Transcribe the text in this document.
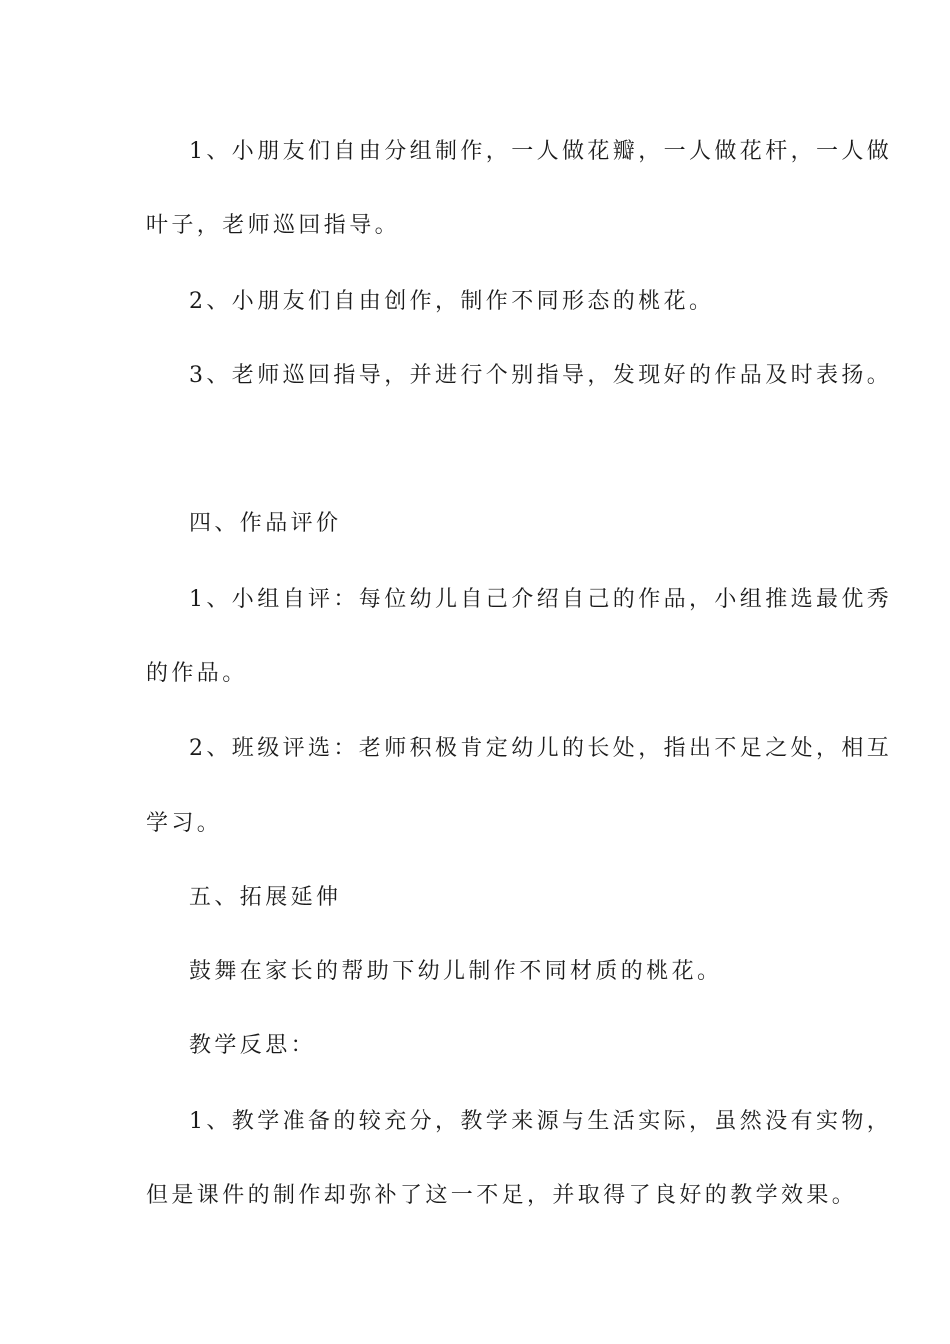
1、小朋友们自由分组制作，一人做花瓣，一人做花杆，一人做
叶子，老师巡回指导。
2、小朋友们自由创作，制作不同形态的桃花。
3、老师巡回指导，并进行个别指导，发现好的作品及时表扬。
四、作品评价
1、小组自评：每位幼儿自己介绍自己的作品，小组推选最优秀
的作品。
2、班级评选：老师积极肯定幼儿的长处，指出不足之处，相互
学习。
五、拓展延伸
鼓舞在家长的帮助下幼儿制作不同材质的桃花。
教学反思：
1、教学准备的较充分，教学来源与生活实际，虽然没有实物，
但是课件的制作却弥补了这一不足，并取得了良好的教学效果。
